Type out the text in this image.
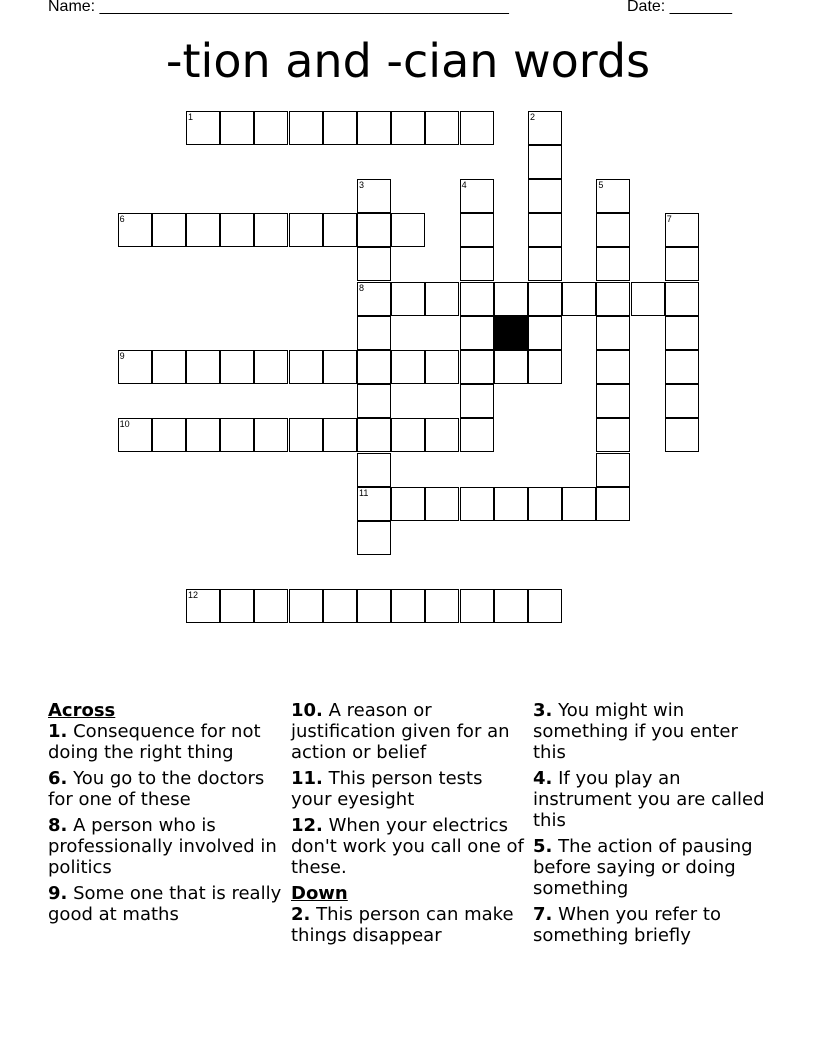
Name: ______________________________________________	Date: _______
-tion and -cian words
1	2
3	4	5
7
6
8
9
10
11
12
Across
1. Consequence for not doing the right thing
6. You go to the doctors for one of these
8. A person who is professionally involved in politics
9. Some one that is really good at maths
10. A reason or justification given for an action or belief
11. This person tests your eyesight
12. When your electrics don't work you call one of these.
Down
2. This person can make things disappear
3. You might win something if you enter this
4. If you play an instrument you are called this
5. The action of pausing before saying or doing something
7. When you refer to something briefly
